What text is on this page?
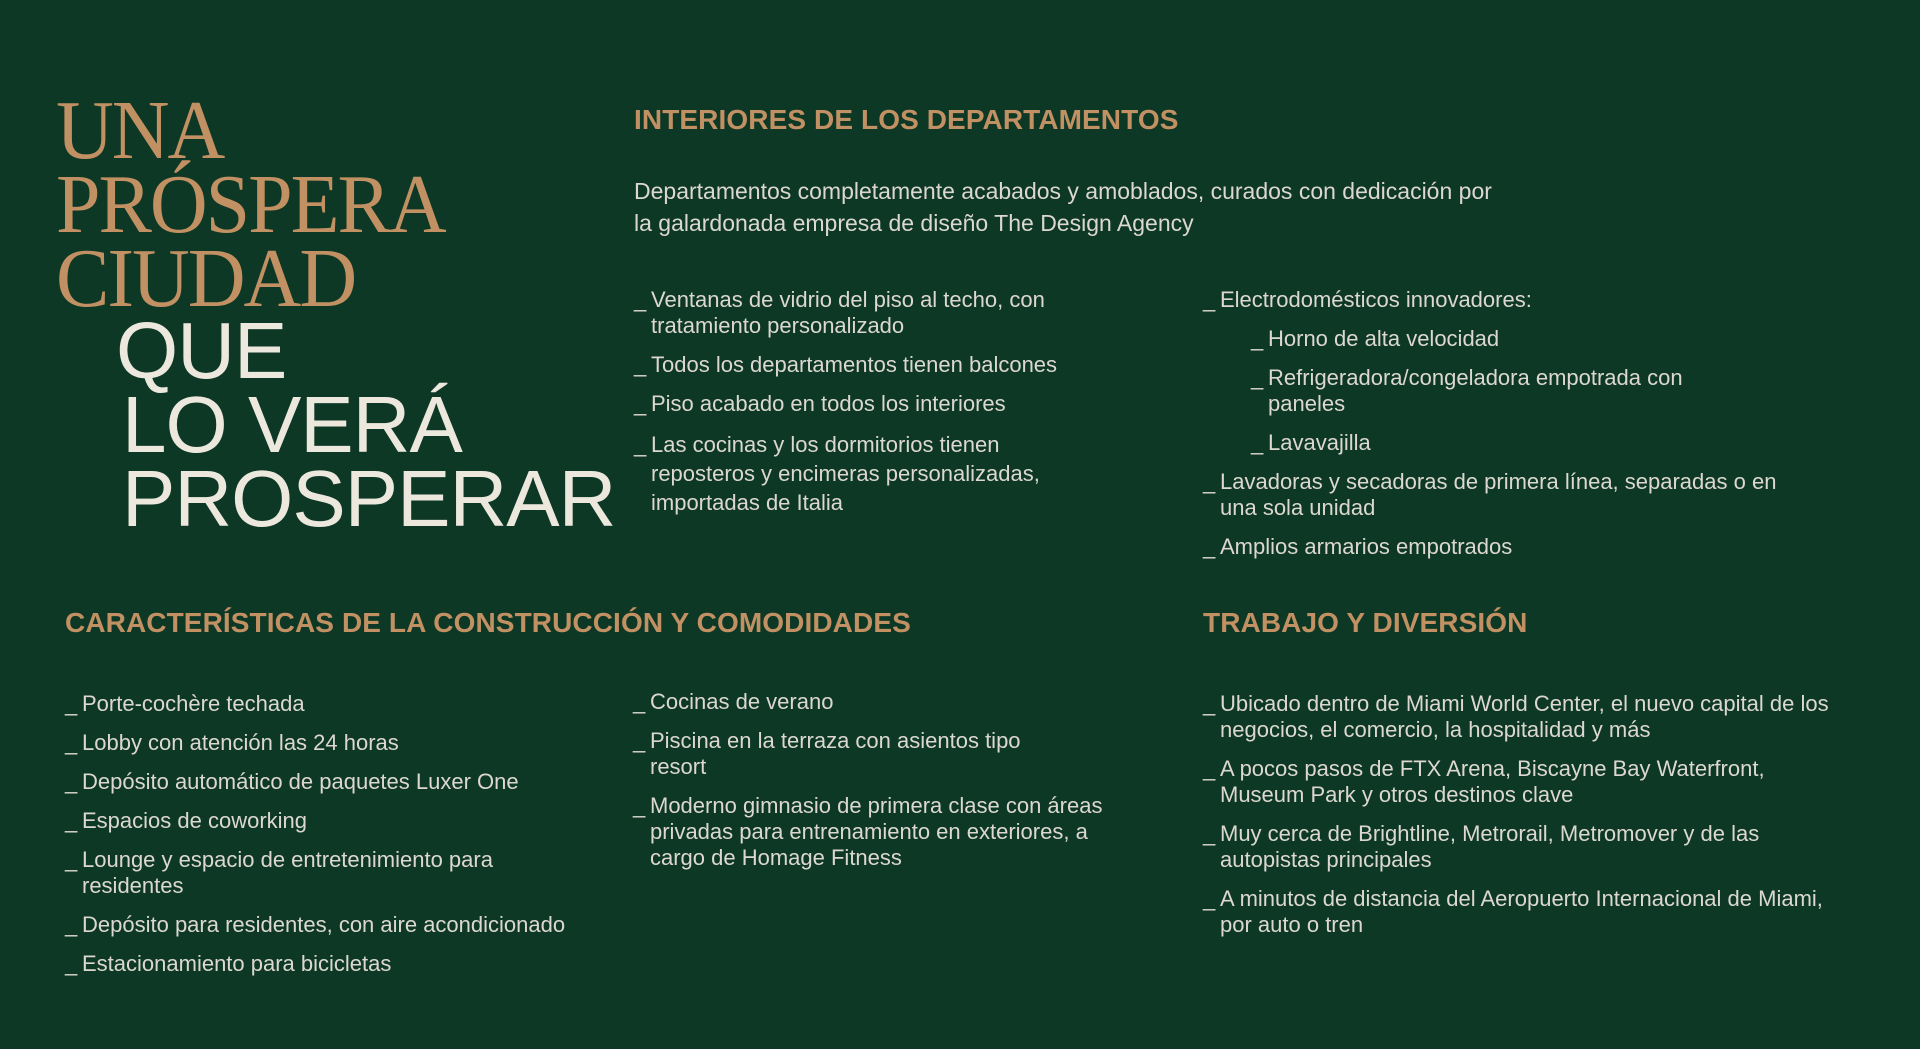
UNA
PRÓSPERA
CIUDAD
QUE
LO VERÁ
PROSPERAR
INTERIORES DE LOS DEPARTAMENTOS

Departamentos completamente acabados y amoblados, curados con dedicación por la galardonada empresa de diseño The Design Agency

_ Ventanas de vidrio del piso al techo, con tratamiento personalizado
_ Todos los departamentos tienen balcones
_ Piso acabado en todos los interiores
_ Las cocinas y los dormitorios tienen reposteros y encimeras personalizadas, importadas de Italia
_ Electrodomésticos innovadores:
_ Horno de alta velocidad
_ Refrigeradora/congeladora empotrada con paneles
_ Lavavajilla
_ Lavadoras y secadoras de primera línea, separadas o en una sola unidad
_ Amplios armarios empotrados
CARACTERÍSTICAS DE LA CONSTRUCCIÓN Y COMODIDADES
_ Porte-cochère techada
_ Lobby con atención las 24 horas
_ Depósito automático de paquetes Luxer One
_ Espacios de coworking
_ Lounge y espacio de entretenimiento para residentes
_ Depósito para residentes, con aire acondicionado
_ Estacionamiento para bicicletas
_ Cocinas de verano
_ Piscina en la terraza con asientos tipo resort
_ Moderno gimnasio de primera clase con áreas privadas para entrenamiento en exteriores, a cargo de Homage Fitness
TRABAJO Y DIVERSIÓN
_ Ubicado dentro de Miami World Center, el nuevo capital de los negocios, el comercio, la hospitalidad y más
_ A pocos pasos de FTX Arena, Biscayne Bay Waterfront, Museum Park y otros destinos clave
_ Muy cerca de Brightline, Metrorail, Metromover y de las autopistas principales
_ A minutos de distancia del Aeropuerto Internacional de Miami, por auto o tren
